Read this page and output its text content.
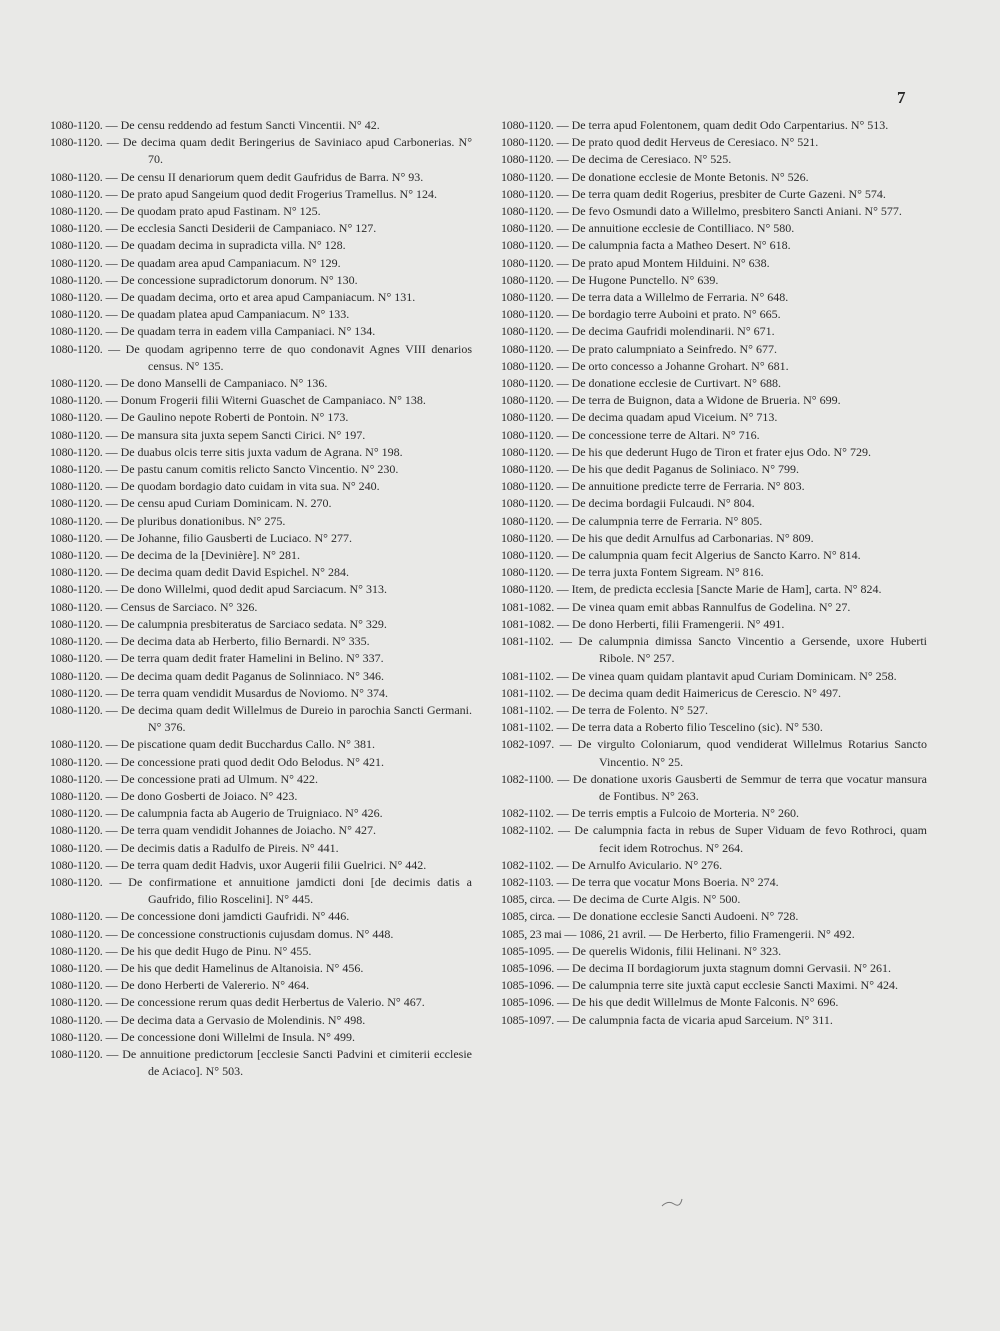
7

1080-1120. — De censu reddendo ad festum Sancti Vincentii. N° 42.

1080-1120. — De decima quam dedit Beringerius de Saviniaco apud Carbonerias. N° 70.

1080-1120. — De censu II denariorum quem dedit Gaufridus de Barra. N° 93.

1080-1120. — De prato apud Sangeium quod dedit Frogerius Tramellus. N° 124.

1080-1120. — De quodam prato apud Fastinam. N° 125.

1080-1120. — De ecclesia Sancti Desiderii de Campaniaco. N° 127.

1080-1120. — De quadam decima in supradicta villa. N° 128.

1080-1120. — De quadam area apud Campaniacum. N° 129.

1080-1120. — De concessione supradictorum donorum. N° 130.

1080-1120. — De quadam decima, orto et area apud Campaniacum. N° 131.

1080-1120. — De quadam platea apud Campaniacum. N° 133.

1080-1120. — De quadam terra in eadem villa Campaniaci. N° 134.

1080-1120. — De quodam agripenno terre de quo condonavit Agnes VIII denarios census. N° 135.

1080-1120. — De dono Manselli de Campaniaco. N° 136.

1080-1120. — Donum Frogerii filii Witerni Guaschet de Campaniaco. N° 138.

1080-1120. — De Gaulino nepote Roberti de Pontoin. N° 173.

1080-1120. — De mansura sita juxta sepem Sancti Cirici. N° 197.

1080-1120. — De duabus olcis terre sitis juxta vadum de Agrana. N° 198.

1080-1120. — De pastu canum comitis relicto Sancto Vincentio. N° 230.

1080-1120. — De quodam bordagio dato cuidam in vita sua. N° 240.

1080-1120. — De censu apud Curiam Dominicam. N. 270.

1080-1120. — De pluribus donationibus. N° 275.

1080-1120. — De Johanne, filio Gausberti de Luciaco. N° 277.

1080-1120. — De decima de la [Devinière]. N° 281.

1080-1120. — De decima quam dedit David Espichel. N° 284.

1080-1120. — De dono Willelmi, quod dedit apud Sarciacum. N° 313.

1080-1120. — Census de Sarciaco. N° 326.

1080-1120. — De calumpnia presbiteratus de Sarciaco sedata. N° 329.

1080-1120. — De decima data ab Herberto, filio Bernardi. N° 335.

1080-1120. — De terra quam dedit frater Hamelini in Belino. N° 337.

1080-1120. — De decima quam dedit Paganus de Solinniaco. N° 346.

1080-1120. — De terra quam vendidit Musardus de Noviomo. N° 374.

1080-1120. — De decima quam dedit Willelmus de Dureio in parochia Sancti Germani. N° 376.

1080-1120. — De piscatione quam dedit Bucchardus Callo. N° 381.

1080-1120. — De concessione prati quod dedit Odo Belodus. N° 421.

1080-1120. — De concessione prati ad Ulmum. N° 422.

1080-1120. — De dono Gosberti de Joiaco. N° 423.

1080-1120. — De calumpnia facta ab Augerio de Truigniaco. N° 426.

1080-1120. — De terra quam vendidit Johannes de Joiacho. N° 427.

1080-1120. — De decimis datis a Radulfo de Pireis. N° 441.

1080-1120. — De terra quam dedit Hadvis, uxor Augerii filii Guelrici. N° 442.

1080-1120. — De confirmatione et annuitione jamdicti doni [de decimis datis a Gaufrido, filio Roscelini]. N° 445.

1080-1120. — De concessione doni jamdicti Gaufridi. N° 446.

1080-1120. — De concessione constructionis cujusdam domus. N° 448.

1080-1120. — De his que dedit Hugo de Pinu. N° 455.

1080-1120. — De his que dedit Hamelinus de Altanoisia. N° 456.

1080-1120. — De dono Herberti de Valererio. N° 464.

1080-1120. — De concessione rerum quas dedit Herbertus de Valerio. N° 467.

1080-1120. — De decima data a Gervasio de Molendinis. N° 498.

1080-1120. — De concessione doni Willelmi de Insula. N° 499.

1080-1120. — De annuitione predictorum [ecclesie Sancti Padvini et cimiterii ecclesie de Aciaco]. N° 503.

1080-1120. — De terra apud Folentonem, quam dedit Odo Carpentarius. N° 513.

1080-1120. — De prato quod dedit Herveus de Ceresiaco. N° 521.

1080-1120. — De decima de Ceresiaco. N° 525.

1080-1120. — De donatione ecclesie de Monte Betonis. N° 526.

1080-1120. — De terra quam dedit Rogerius, presbiter de Curte Gazeni. N° 574.

1080-1120. — De fevo Osmundi dato a Willelmo, presbitero Sancti Aniani. N° 577.

1080-1120. — De annuitione ecclesie de Contilliaco. N° 580.

1080-1120. — De calumpnia facta a Matheo Desert. N° 618.

1080-1120. — De prato apud Montem Hilduini. N° 638.

1080-1120. — De Hugone Punctello. N° 639.

1080-1120. — De terra data a Willelmo de Ferraria. N° 648.

1080-1120. — De bordagio terre Auboini et prato. N° 665.

1080-1120. — De decima Gaufridi molendinarii. N° 671.

1080-1120. — De prato calumpniato a Seinfredo. N° 677.

1080-1120. — De orto concesso a Johanne Grohart. N° 681.

1080-1120. — De donatione ecclesie de Curtivart. N° 688.

1080-1120. — De terra de Buignon, data a Widone de Brueria. N° 699.

1080-1120. — De decima quadam apud Viceium. N° 713.

1080-1120. — De concessione terre de Altari. N° 716.

1080-1120. — De his que dederunt Hugo de Tiron et frater ejus Odo. N° 729.

1080-1120. — De his que dedit Paganus de Soliniaco. N° 799.

1080-1120. — De annuitione predicte terre de Ferraria. N° 803.

1080-1120. — De decima bordagii Fulcaudi. N° 804.

1080-1120. — De calumpnia terre de Ferraria. N° 805.

1080-1120. — De his que dedit Arnulfus ad Carbonarias. N° 809.

1080-1120. — De calumpnia quam fecit Algerius de Sancto Karro. N° 814.

1080-1120. — De terra juxta Fontem Sigream. N° 816.

1080-1120. — Item, de predicta ecclesia [Sancte Marie de Ham], carta. N° 824.

1081-1082. — De vinea quam emit abbas Rannulfus de Godelina. N° 27.

1081-1082. — De dono Herberti, filii Framengerii. N° 491.

1081-1102. — De calumpnia dimissa Sancto Vincentio a Gersende, uxore Huberti Ribole. N° 257.

1081-1102. — De vinea quam quidam plantavit apud Curiam Dominicam. N° 258.

1081-1102. — De decima quam dedit Haimericus de Cerescio. N° 497.

1081-1102. — De terra de Folento. N° 527.

1081-1102. — De terra data a Roberto filio Tescelino (sic). N° 530.

1082-1097. — De virgulto Coloniarum, quod vendiderat Willelmus Rotarius Sancto Vincentio. N° 25.

1082-1100. — De donatione uxoris Gausberti de Semmur de terra que vocatur mansura de Fontibus. N° 263.

1082-1102. — De terris emptis a Fulcoio de Morteria. N° 260.

1082-1102. — De calumpnia facta in rebus de Super Viduam de fevo Rothroci, quam fecit idem Rotrochus. N° 264.

1082-1102. — De Arnulfo Aviculario. N° 276.

1082-1103. — De terra que vocatur Mons Boeria. N° 274.

1085, circa. — De decima de Curte Algis. N° 500.

1085, circa. — De donatione ecclesie Sancti Audoeni. N° 728.

1085, 23 mai — 1086, 21 avril. — De Herberto, filio Framengerii. N° 492.

1085-1095. — De querelis Widonis, filii Helinani. N° 323.

1085-1096. — De decima II bordagiorum juxta stagnum domni Gervasii. N° 261.

1085-1096. — De calumpnia terre site juxtà caput ecclesie Sancti Maximi. N° 424.

1085-1096. — De his que dedit Willelmus de Monte Falconis. N° 696.

1085-1097. — De calumpnia facta de vicaria apud Sarceium. N° 311.
